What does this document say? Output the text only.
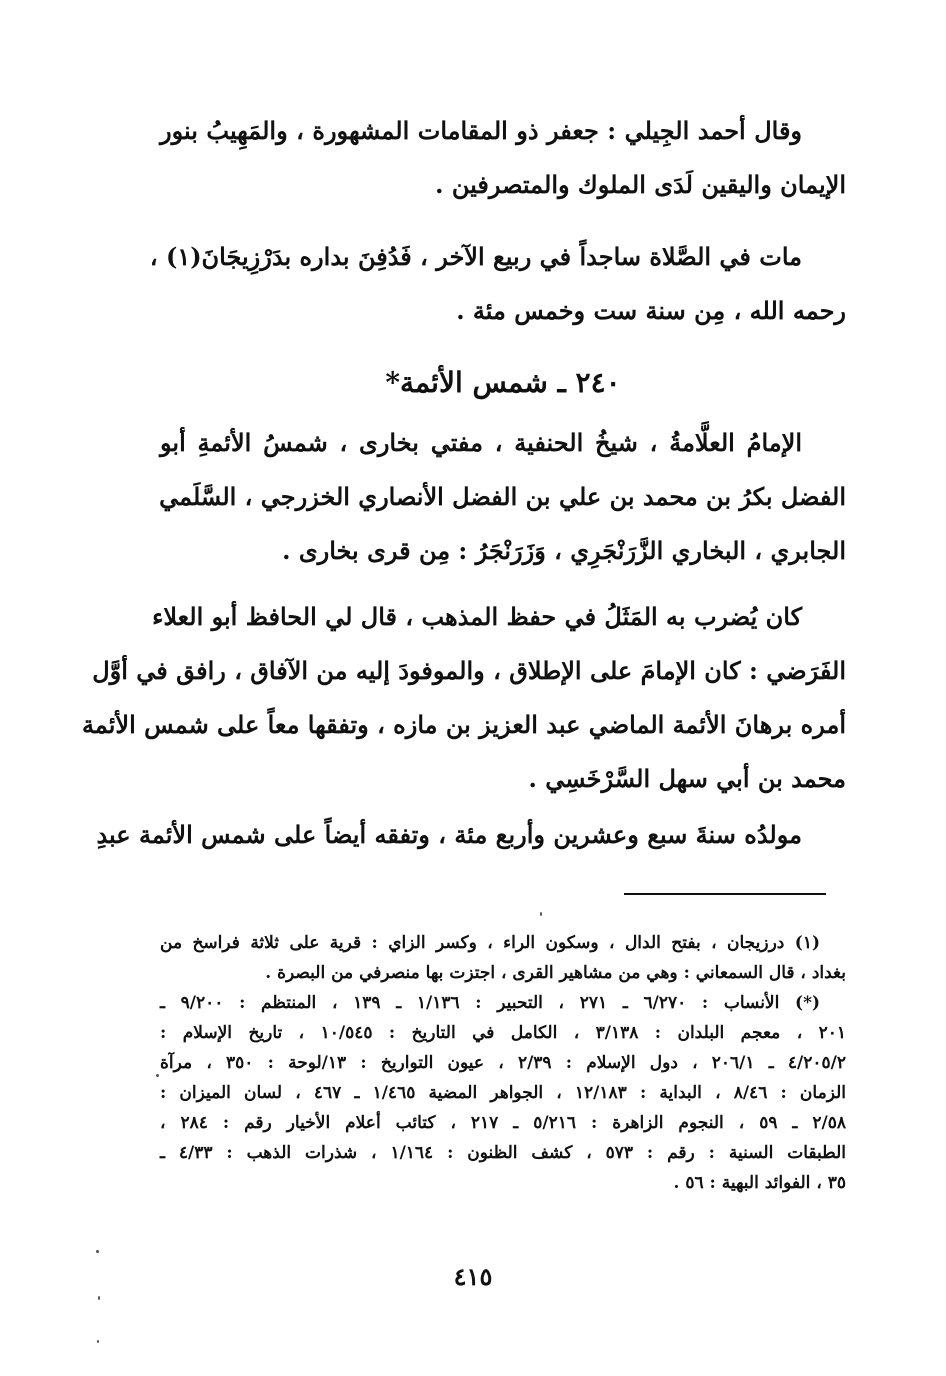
وقال أحمد الجِيلي : جعفر ذو المقامات المشهورة ، والمَهِيبُ بنور
الإيمان واليقين لَدَى الملوك والمتصرفين .
مات في الصَّلاة ساجداً في ربيع الآخر ، فَدُفِنَ بداره بدَرْزِيجَانَ(١) ،
رحمه الله ، مِن سنة ست وخمس مئة .
٢٤٠ ـ شمس الأئمة*
الإمامُ العلَّامةُ ، شيخُ الحنفية ، مفتي بخارى ، شمسُ الأئمةِ أبو
الفضل بكرُ بن محمد بن علي بن الفضل الأنصاري الخزرجي ، السَّلَمي
الجابري ، البخاري الزَّرَنْجَرِي ، وَزَرَنْجَرُ : مِن قرى بخارى .
كان يُضرب به المَثَلُ في حفظ المذهب ، قال لي الحافظ أبو العلاء
الفَرَضي : كان الإمامَ على الإطلاق ، والموفودَ إليه من الآفاق ، رافق في أوَّل
أمره برهانَ الأئمة الماضي عبد العزيز بن مازه ، وتفقها معاً على شمس الأئمة
محمد بن أبي سهل السَّرْخَسِي .
مولدُه سنةَ سبع وعشرين وأربع مئة ، وتفقه أيضاً على شمس الأئمة عبدِ
(١) درزيجان ، بفتح الدال ، وسكون الراء ، وكسر الزاي : قرية على ثلاثة فراسخ من
بغداد ، قال السمعاني : وهي من مشاهير القرى ، اجتزت بها منصرفي من البصرة .
(*) الأنساب : ٦/٢٧٠ ـ ٢٧١ ، التحبير : ١/١٣٦ ـ ١٣٩ ، المنتظم : ٩/٢٠٠ ـ
٢٠١ ، معجم البلدان : ٣/١٣٨ ، الكامل في التاريخ : ١٠/٥٤٥ ، تاريخ الإسلام :
٤/٢٠٥/٢ ـ ٢٠٦/١ ، دول الإسلام : ٢/٣٩ ، عيون التواريخ : ١٣/لوحة : ٣٥٠ ، مرآة
الزمان : ٨/٤٦ ، البداية : ١٢/١٨٣ ، الجواهر المضية ١/٤٦٥ ـ ٤٦٧ ، لسان الميزان :
٢/٥٨ ـ ٥٩ ، النجوم الزاهرة : ٥/٢١٦ ـ ٢١٧ ، كتائب أعلام الأخيار رقم : ٢٨٤ ،
الطبقات السنية : رقم : ٥٧٣ ، كشف الظنون : ١/١٦٤ ، شذرات الذهب : ٤/٣٣ ـ
٣٥ ، الفوائد البهية : ٥٦ .
٤١٥
